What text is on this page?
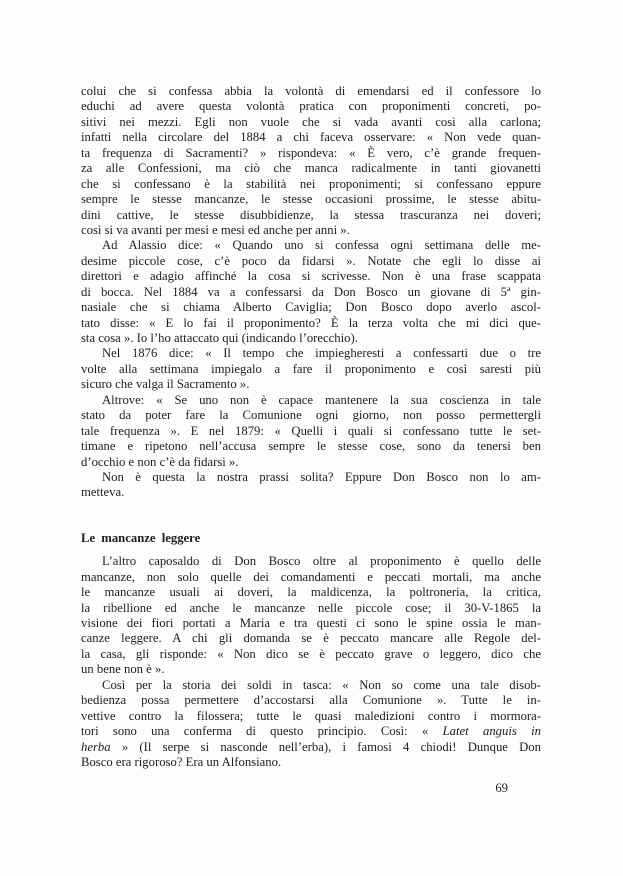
colui che si confessa abbia la volontà di emendarsi ed il confessore lo
educhi ad avere questa volontà pratica con proponimenti concreti, po-
sitivi nei mezzi. Egli non vuole che si vada avanti così alla carlona;
infatti nella circolare del 1884 a chi faceva osservare: « Non vede quan-
ta frequenza di Sacramenti? » rispondeva: « È vero, c’è grande frequen-
za alle Confessioni, ma ciò che manca radicalmente in tanti giovanetti
che si confessano è la stabilità nei proponimenti; si confessano eppure
sempre le stesse mancanze, le stesse occasioni prossime, le stesse abitu-
dini cattive, le stesse disubbidienze, la stessa trascuranza nei doveri;
così si va avanti per mesi e mesi ed anche per anni ».
Ad Alassio dice: « Quando uno si confessa ogni settimana delle me-
desime piccole cose, c’è poco da fidarsi ». Notate che egli lo disse ai
direttori e adagio affinché la cosa si scrivesse. Non è una frase scappata
di bocca. Nel 1884 va a confessarsi da Don Bosco un giovane di 5ª gin-
nasiale che si chiama Alberto Caviglia; Don Bosco dopo averlo ascol-
tato disse: « E lo fai il proponimento? È la terza volta che mi dici que-
sta cosa ». Io l’ho attaccato qui (indicando l’orecchio).
Nel 1876 dice: « Il tempo che impiegheresti a confessarti due o tre
volte alla settimana impiegalo a fare il proponimento e così saresti più
sicuro che valga il Sacramento ».
Altrove: « Se uno non è capace mantenere la sua coscienza in tale
stato da poter fare la Comunione ogni giorno, non posso permettergli
tale frequenza ». E nel 1879: « Quelli i quali si confessano tutte le set-
timane e ripetono nell’accusa sempre le stesse cose, sono da tenersi ben
d’occhio e non c’è da fidarsi ».
Non è questa la nostra prassi solita? Eppure Don Bosco non lo am-
metteva.
Le mancanze leggere
L’altro caposaldo di Don Bosco oltre al proponimento è quello delle
mancanze, non solo quelle dei comandamenti e peccati mortali, ma anche
le mancanze usuali ai doveri, la maldicenza, la poltroneria, la critica,
la ribellione ed anche le mancanze nelle piccole cose; il 30-V-1865 la
visione dei fiori portati a Maria e tra questi ci sono le spine ossia le man-
canze leggere. A chi gli domanda se è peccato mancare alle Regole del-
la casa, gli risponde: « Non dico se è peccato grave o leggero, dico che
un bene non è ».
Così per la storia dei soldi in tasca: « Non so come una tale disob-
bedienza possa permettere d’accostarsi alla Comunione ». Tutte le in-
vettive contro la filossera; tutte le quasi maledizioni contro i mormora-
tori sono una conferma di questo principio. Così: « Latet anguis in
herba » (Il serpe si nasconde nell’erba), i famosi 4 chiodi! Dunque Don
Bosco era rigoroso? Era un Alfonsiano.
69
